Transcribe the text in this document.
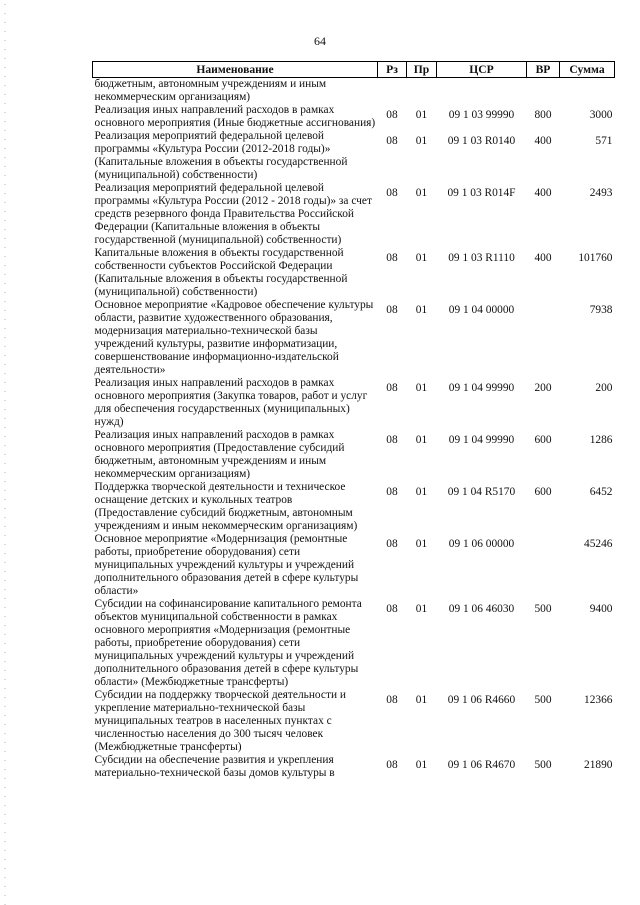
64
Наименование	Рз	Пр	ЦСР	ВР	Сумма
бюджетным, автономным учреждениям и иным некоммерческим организациям)					
Реализация иных направлений расходов в рамках основного мероприятия (Иные бюджетные ассигнования)	08	01	09 1 03 99990	800	3000
Реализация мероприятий федеральной целевой программы «Культура России (2012-2018 годы)» (Капитальные вложения в объекты государственной (муниципальной) собственности)	08	01	09 1 03 R0140	400	571
Реализация мероприятий федеральной целевой программы «Культура России (2012 - 2018 годы)» за счет средств резервного фонда Правительства Российской Федерации (Капитальные вложения в объекты государственной (муниципальной) собственности)	08	01	09 1 03 R014F	400	2493
Капитальные вложения в объекты государственной собственности субъектов Российской Федерации (Капитальные вложения в объекты государственной (муниципальной) собственности)	08	01	09 1 03 R1110	400	101760
Основное мероприятие «Кадровое обеспечение культуры области, развитие художественного образования, модернизация материально-технической базы учреждений культуры, развитие информатизации, совершенствование информационно-издательской деятельности»	08	01	09 1 04 00000		7938
Реализация иных направлений расходов в рамках основного мероприятия (Закупка товаров, работ и услуг для обеспечения государственных (муниципальных) нужд)	08	01	09 1 04 99990	200	200
Реализация иных направлений расходов в рамках основного мероприятия (Предоставление субсидий бюджетным, автономным учреждениям и иным некоммерческим организациям)	08	01	09 1 04 99990	600	1286
Поддержка творческой деятельности и техническое оснащение детских и кукольных театров (Предоставление субсидий бюджетным, автономным учреждениям и иным некоммерческим организациям)	08	01	09 1 04 R5170	600	6452
Основное мероприятие «Модернизация (ремонтные работы, приобретение оборудования) сети муниципальных учреждений культуры и учреждений дополнительного образования детей в сфере культуры области»	08	01	09 1 06 00000		45246
Субсидии на софинансирование капитального ремонта объектов муниципальной собственности в рамках основного мероприятия «Модернизация (ремонтные работы, приобретение оборудования) сети муниципальных учреждений культуры и учреждений дополнительного образования детей в сфере культуры области» (Межбюджетные трансферты)	08	01	09 1 06 46030	500	9400
Субсидии на поддержку творческой деятельности и укрепление материально-технической базы муниципальных театров в населенных пунктах с численностью населения до 300 тысяч человек (Межбюджетные трансферты)	08	01	09 1 06 R4660	500	12366
Субсидии на обеспечение развития и укрепления материально-технической базы домов культуры в	08	01	09 1 06 R4670	500	21890
